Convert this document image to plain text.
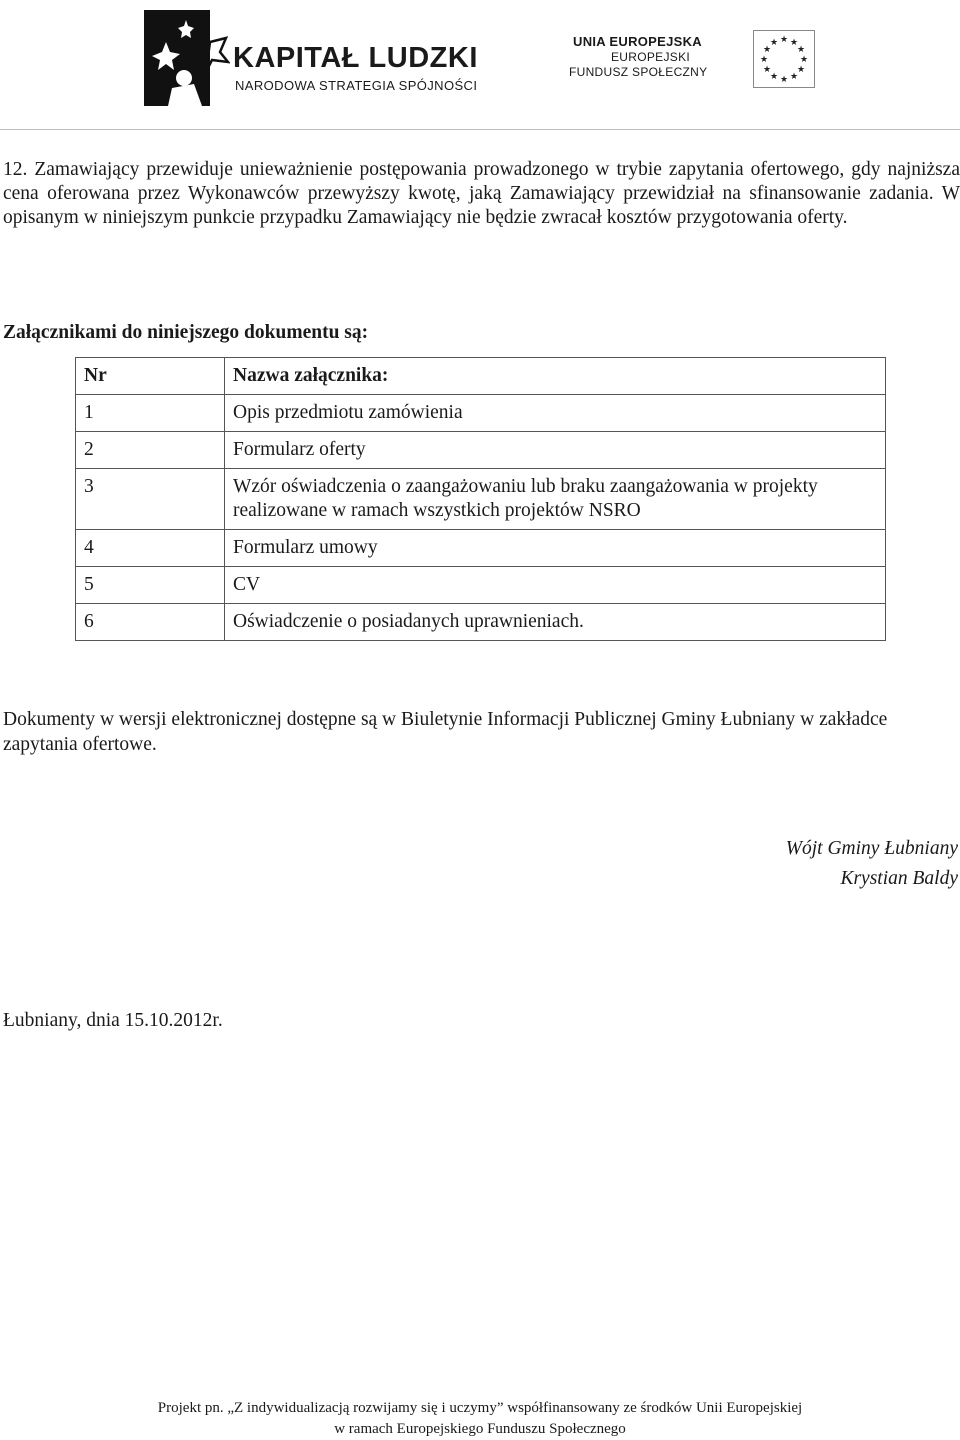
KAPITAŁ LUDZKI
NARODOWA STRATEGIA SPÓJNOŚCI
UNIA EUROPEJSKA
EUROPEJSKI
FUNDUSZ SPOŁECZNY
★ ★
★
★
★
★
★
★
★
★
★
★

12. Zamawiający przewiduje unieważnienie postępowania prowadzonego w trybie zapytania ofertowego, gdy najniższa cena oferowana przez Wykonawców przewyższy kwotę, jaką Zamawiający przewidział na sfinansowanie zadania. W opisanym w niniejszym punkcie przypadku Zamawiający nie będzie zwracał kosztów przygotowania oferty.

Załącznikami do niniejszego dokumentu są:

Nr	Nazwa załącznika:
1	Opis przedmiotu zamówienia
2	Formularz oferty
3	Wzór oświadczenia o zaangażowaniu lub braku zaangażowania w projekty realizowane w ramach wszystkich projektów NSRO
4	Formularz umowy
5	CV
6	Oświadczenie o posiadanych uprawnieniach.

Dokumenty w wersji elektronicznej dostępne są w Biuletynie Informacji Publicznej Gminy Łubniany w zakładce zapytania ofertowe.

Wójt Gminy Łubniany
Krystian Baldy

Łubniany, dnia 15.10.2012r.

Projekt pn. „Z indywidualizacją rozwijamy się i uczymy” współfinansowany ze środków Unii Europejskiej
w ramach Europejskiego Funduszu Społecznego
